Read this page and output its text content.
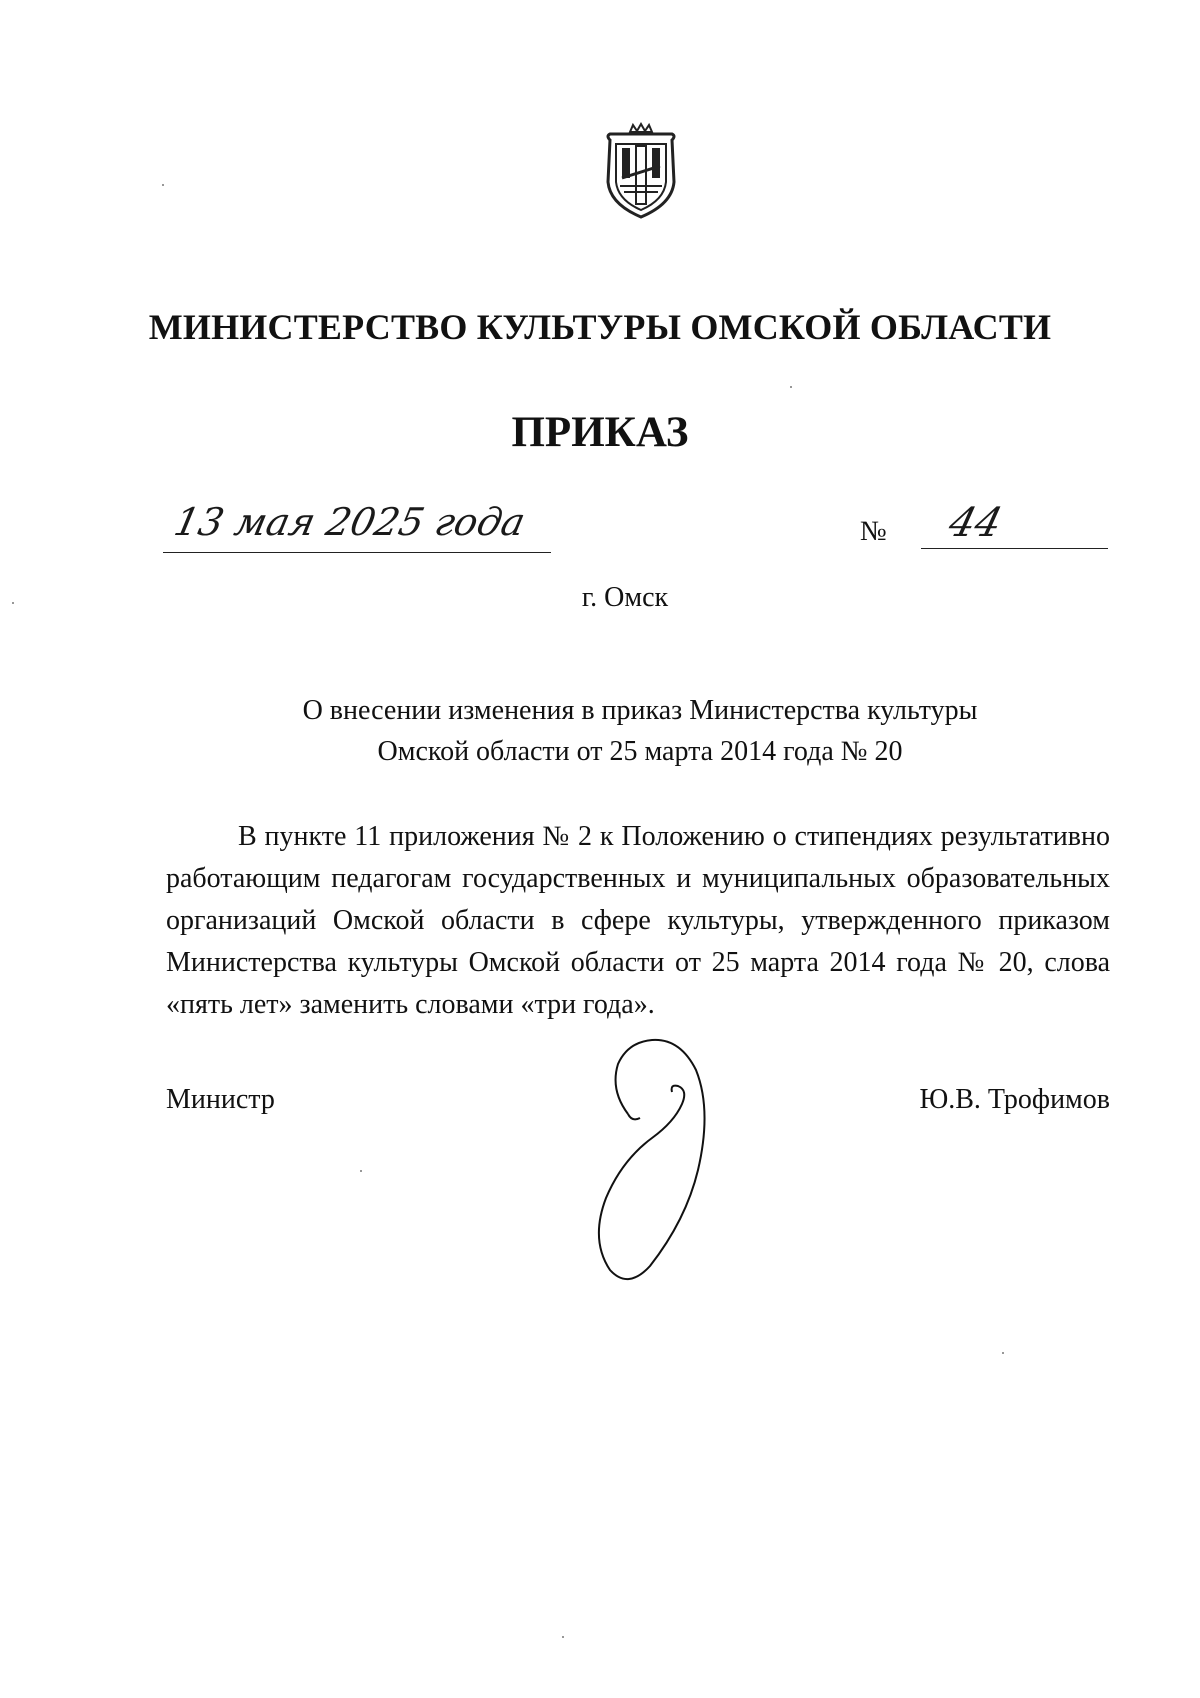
МИНИСТЕРСТВО КУЛЬТУРЫ ОМСКОЙ ОБЛАСТИ
ПРИКАЗ
13 мая 2025 года	№ 44
г. Омск
О внесении изменения в приказ Министерства культуры
Омской области от 25 марта 2014 года № 20
В пункте 11 приложения № 2 к Положению о стипендиях результативно работающим педагогам государственных и муниципальных образовательных организаций Омской области в сфере культуры, утвержденного приказом Министерства культуры Омской области от 25 марта 2014 года № 20, слова «пять лет» заменить словами «три года».
Министр	Ю.В. Трофимов
